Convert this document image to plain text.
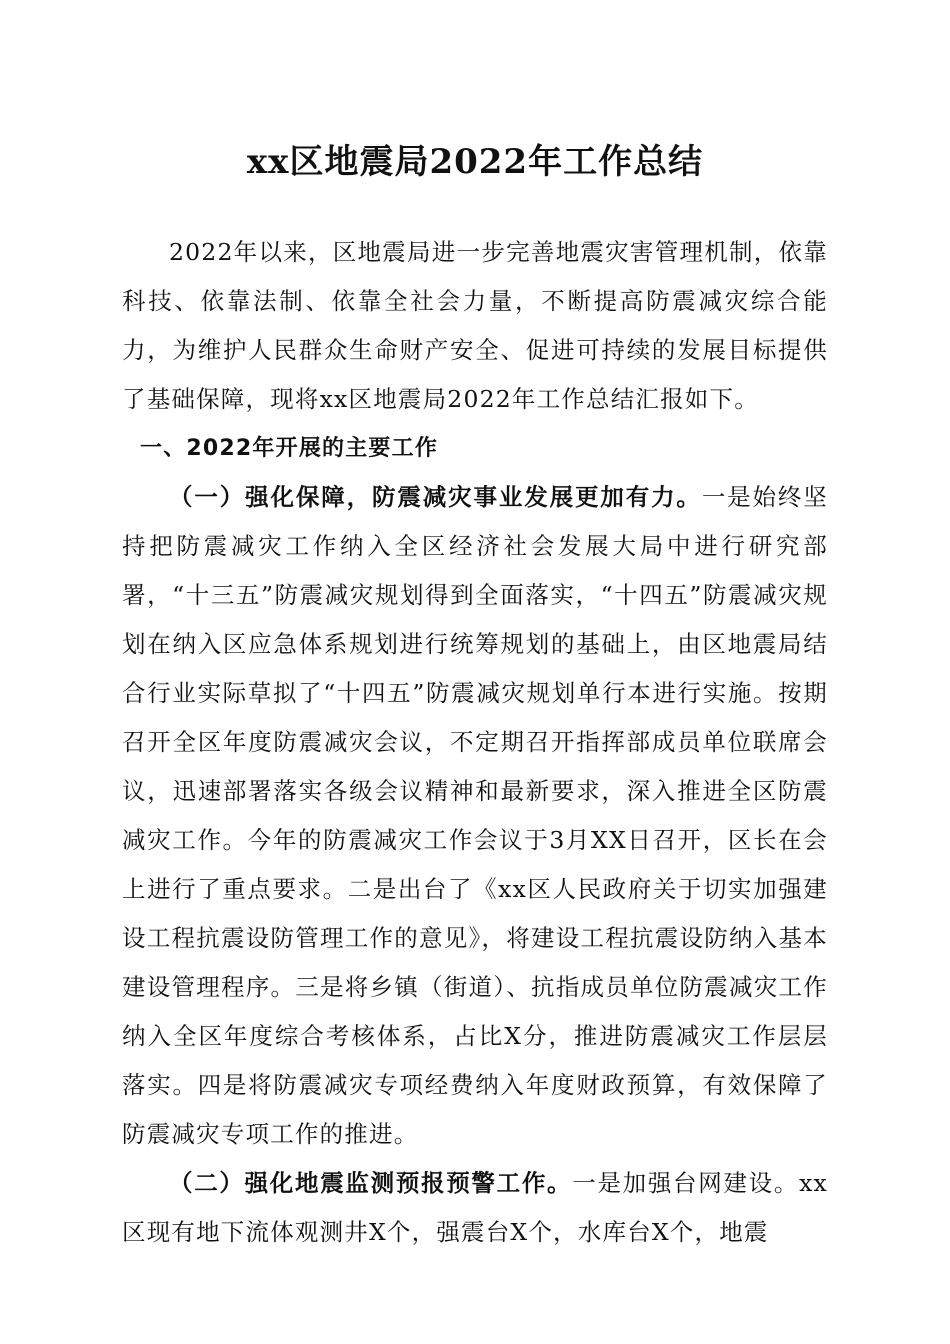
xx区地震局2022年工作总结

2022年以来，区地震局进一步完善地震灾害管理机制，依靠科技、依靠法制、依靠全社会力量，不断提高防震减灾综合能力，为维护人民群众生命财产安全、促进可持续的发展目标提供了基础保障，现将xx区地震局2022年工作总结汇报如下。

一、2022年开展的主要工作

（一）强化保障，防震减灾事业发展更加有力。一是始终坚持把防震减灾工作纳入全区经济社会发展大局中进行研究部署，“十三五”防震减灾规划得到全面落实，“十四五”防震减灾规划在纳入区应急体系规划进行统筹规划的基础上，由区地震局结合行业实际草拟了“十四五”防震减灾规划单行本进行实施。按期召开全区年度防震减灾会议，不定期召开指挥部成员单位联席会议，迅速部署落实各级会议精神和最新要求，深入推进全区防震减灾工作。今年的防震减灾工作会议于3月XX日召开，区长在会上进行了重点要求。二是出台了《xx区人民政府关于切实加强建设工程抗震设防管理工作的意见》，将建设工程抗震设防纳入基本建设管理程序。三是将乡镇（街道）、抗指成员单位防震减灾工作纳入全区年度综合考核体系，占比X分，推进防震减灾工作层层落实。四是将防震减灾专项经费纳入年度财政预算，有效保障了防震减灾专项工作的推进。

（二）强化地震监测预报预警工作。一是加强台网建设。xx区现有地下流体观测井X个，强震台X个，水库台X个，地震
